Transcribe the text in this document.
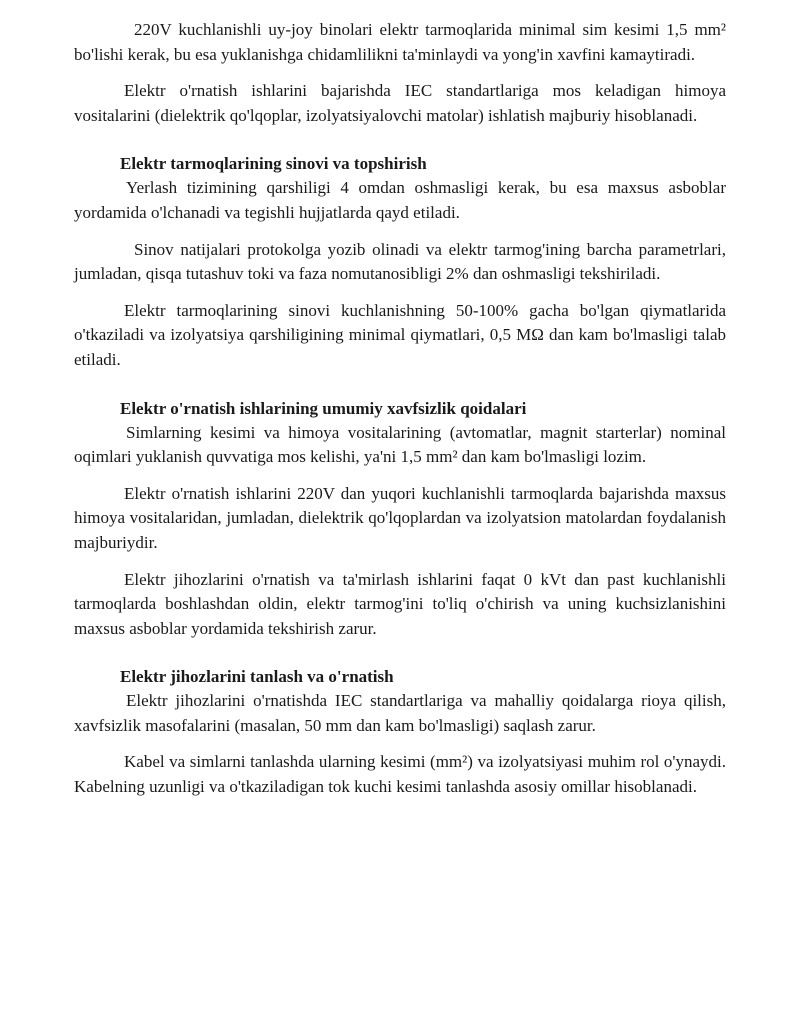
220V kuchlanishli uy-joy binolari elektr tarmoqlarida minimal sim kesimi 1,5 mm² bo'lishi kerak, bu esa yuklanishga chidamlilikni ta'minlaydi va yong'in xavfini kamaytiradi.

Elektr o'rnatish ishlarini bajarishda IEC standartlariga mos keladigan himoya vositalarini (dielektrik qo'lqoplar, izolyatsiyalovchi matolar) ishlatish majburiy hisoblanadi.

Elektr tarmoqlarining sinovi va topshirish

Yerlash tizimining qarshiligi 4 omdan oshmasligi kerak, bu esa maxsus asboblar yordamida o'lchanadi va tegishli hujjatlarda qayd etiladi.

Sinov natijalari protokolga yozib olinadi va elektr tarmog'ining barcha parametrlari, jumladan, qisqa tutashuv toki va faza nomutanosibligi 2% dan oshmasligi tekshiriladi.

Elektr tarmoqlarining sinovi kuchlanishning 50-100% gacha bo'lgan qiymatlarida o'tkaziladi va izolyatsiya qarshiligining minimal qiymatlari, 0,5 MΩ dan kam bo'lmasligi talab etiladi.

Elektr o'rnatish ishlarining umumiy xavfsizlik qoidalari

Simlarning kesimi va himoya vositalarining (avtomatlar, magnit starterlar) nominal oqimlari yuklanish quvvatiga mos kelishi, ya'ni 1,5 mm² dan kam bo'lmasligi lozim.

Elektr o'rnatish ishlarini 220V dan yuqori kuchlanishli tarmoqlarda bajarishda maxsus himoya vositalaridan, jumladan, dielektrik qo'lqoplardan va izolyatsion matolardan foydalanish majburiydir.

Elektr jihozlarini o'rnatish va ta'mirlash ishlarini faqat 0 kVt dan past kuchlanishli tarmoqlarda boshlashdan oldin, elektr tarmog'ini to'liq o'chirish va uning kuchsizlanishini maxsus asboblar yordamida tekshirish zarur.

Elektr jihozlarini tanlash va o'rnatish

Elektr jihozlarini o'rnatishda IEC standartlariga va mahalliy qoidalarga rioya qilish, xavfsizlik masofalarini (masalan, 50 mm dan kam bo'lmasligi) saqlash zarur.

Kabel va simlarni tanlashda ularning kesimi (mm²) va izolyatsiyasi muhim rol o'ynaydi. Kabelning uzunligi va o'tkaziladigan tok kuchi kesimi tanlashda asosiy omillar hisoblanadi.
